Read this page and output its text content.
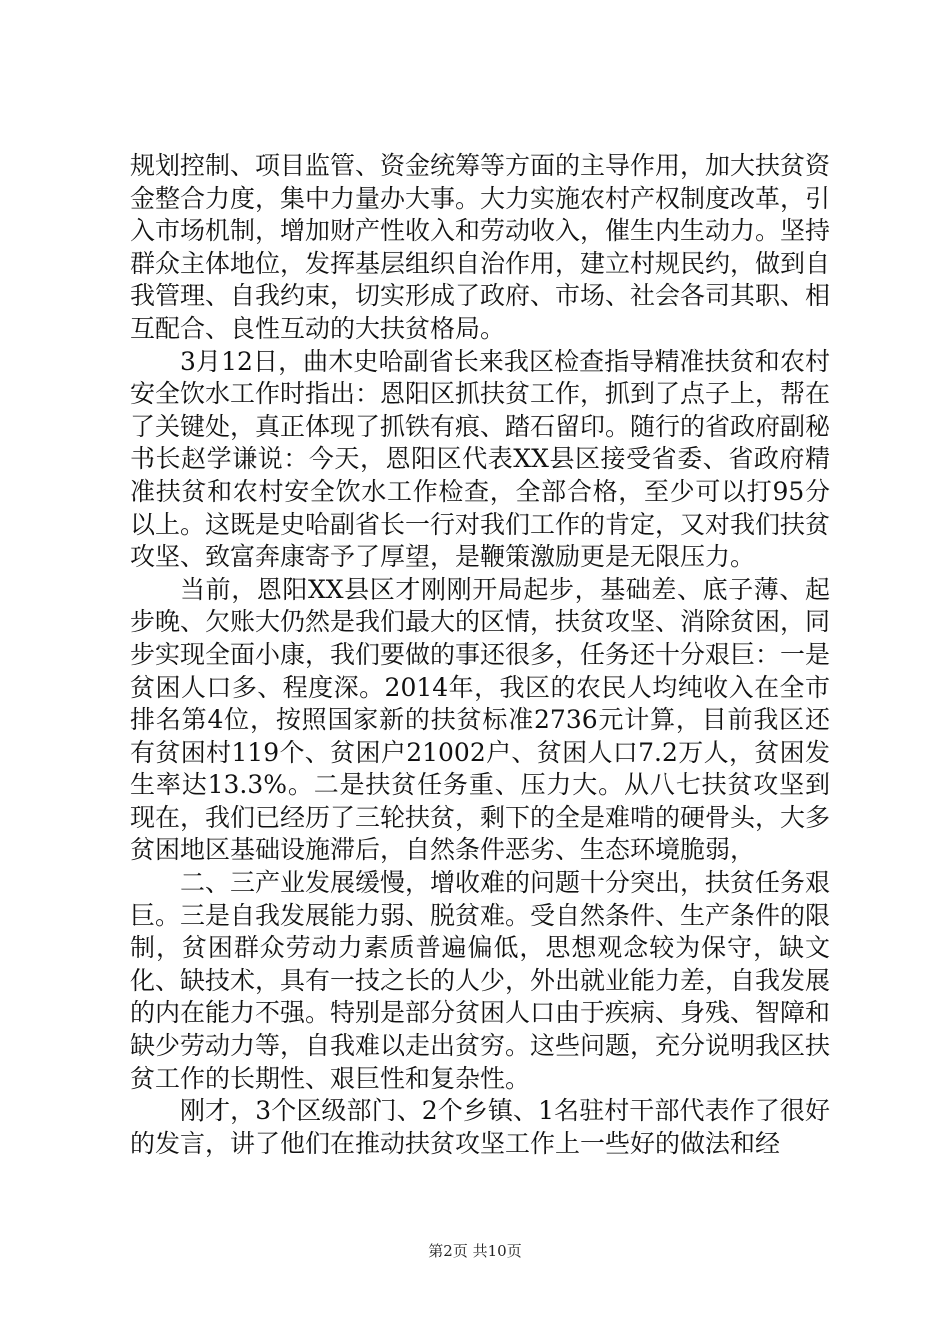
规划控制、项目监管、资金统筹等方面的主导作用，加大扶贫资金整合力度，集中力量办大事。大力实施农村产权制度改革，引入市场机制，增加财产性收入和劳动收入，催生内生动力。坚持群众主体地位，发挥基层组织自治作用，建立村规民约，做到自我管理、自我约束，切实形成了政府、市场、社会各司其职、相互配合、良性互动的大扶贫格局。

3月12日，曲木史哈副省长来我区检查指导精准扶贫和农村安全饮水工作时指出：恩阳区抓扶贫工作，抓到了点子上，帮在了关键处，真正体现了抓铁有痕、踏石留印。随行的省政府副秘书长赵学谦说：今天，恩阳区代表XX县区接受省委、省政府精准扶贫和农村安全饮水工作检查，全部合格，至少可以打95分以上。这既是史哈副省长一行对我们工作的肯定，又对我们扶贫攻坚、致富奔康寄予了厚望，是鞭策激励更是无限压力。

当前，恩阳XX县区才刚刚开局起步，基础差、底子薄、起步晚、欠账大仍然是我们最大的区情，扶贫攻坚、消除贫困，同步实现全面小康，我们要做的事还很多，任务还十分艰巨：一是贫困人口多、程度深。2014年，我区的农民人均纯收入在全市排名第4位，按照国家新的扶贫标准2736元计算，目前我区还有贫困村119个、贫困户21002户、贫困人口7.2万人，贫困发生率达13.3%。二是扶贫任务重、压力大。从八七扶贫攻坚到现在，我们已经历了三轮扶贫，剩下的全是难啃的硬骨头，大多贫困地区基础设施滞后，自然条件恶劣、生态环境脆弱，

二、三产业发展缓慢，增收难的问题十分突出，扶贫任务艰巨。三是自我发展能力弱、脱贫难。受自然条件、生产条件的限制，贫困群众劳动力素质普遍偏低，思想观念较为保守，缺文化、缺技术，具有一技之长的人少，外出就业能力差，自我发展的内在能力不强。特别是部分贫困人口由于疾病、身残、智障和缺少劳动力等，自我难以走出贫穷。这些问题，充分说明我区扶贫工作的长期性、艰巨性和复杂性。

刚才，3个区级部门、2个乡镇、1名驻村干部代表作了很好的发言，讲了他们在推动扶贫攻坚工作上一些好的做法和经

第2页 共10页
